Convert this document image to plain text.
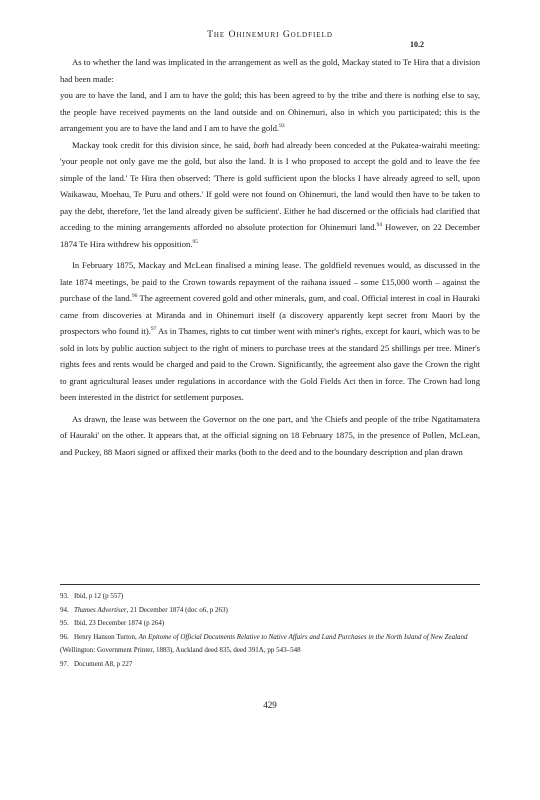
The Ohinemuri Goldfield
10.2

As to whether the land was implicated in the arrangement as well as the gold, Mackay stated to Te Hira that a division had been made:

you are to have the land, and I am to have the gold; this has been agreed to by the tribe and there is nothing else to say, the people have received payments on the land outside and on Ohinemuri, also in which you participated; this is the arrangement you are to have the land and I am to have the gold.$^{93}$

Mackay took credit for this division since, he said, both had already been conceded at the Pukatea-wairahi meeting: 'your people not only gave me the gold, but also the land. It is I who proposed to accept the gold and to leave the fee simple of the land.' Te Hira then observed: 'There is gold sufficient upon the blocks I have already agreed to sell, upon Waikawau, Moehau, Te Puru and others.' If gold were not found on Ohinemuri, the land would then have to be taken to pay the debt, therefore, 'let the land already given be sufficient'. Either he had discerned or the officials had clarified that acceding to the mining arrangements afforded no absolute protection for Ohinemuri land.$^{94}$ However, on 22 December 1874 Te Hira withdrew his opposition.$^{95}$

In February 1875, Mackay and McLean finalised a mining lease. The goldfield revenues would, as discussed in the late 1874 meetings, be paid to the Crown towards repayment of the raihana issued – some £15,000 worth – against the purchase of the land.$^{96}$ The agreement covered gold and other minerals, gum, and coal. Official interest in coal in Hauraki came from discoveries at Miranda and in Ohinemuri itself (a discovery apparently kept secret from Maori by the prospectors who found it).$^{97}$ As in Thames, rights to cut timber went with miner's rights, except for kauri, which was to be sold in lots by public auction subject to the right of miners to purchase trees at the standard 25 shillings per tree. Miner's rights fees and rents would be charged and paid to the Crown. Significantly, the agreement also gave the Crown the right to grant agricultural leases under regulations in accordance with the Gold Fields Act then in force. The Crown had long been interested in the district for settlement purposes.

As drawn, the lease was between the Governor on the one part, and 'the Chiefs and people of the tribe Ngatitamatera of Hauraki' on the other. It appears that, at the official signing on 18 February 1875, in the presence of Pollen, McLean, and Puckey, 88 Maori signed or affixed their marks (both to the deed and to the boundary description and plan drawn

93. Ibid, p 12 (p 557)

94. Thames Advertiser, 21 December 1874 (doc o6, p 263)

95. Ibid, 23 December 1874 (p 264)

96. Henry Hanson Turton, An Epitome of Official Documents Relative to Native Affairs and Land Purchases in the North Island of New Zealand (Wellington: Government Printer, 1883), Auckland deed 835, deed 391A, pp 543–548

97. Document A8, p 227

429
